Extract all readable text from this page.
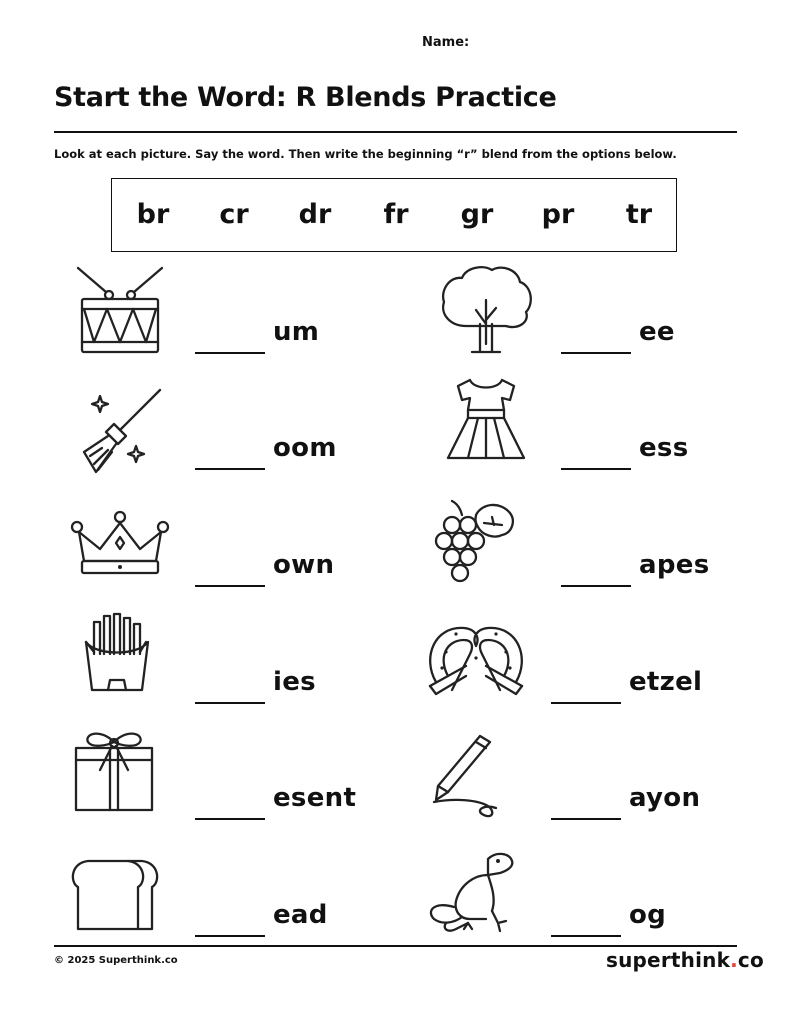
Name:
Start the Word: R Blends Practice
Look at each picture. Say the word. Then write the beginning “r” blend from the options below.
br	cr	dr	fr	gr	pr	tr
um	ee
oom	ess
own	apes
ies	etzel
esent	ayon
ead	og
© 2025 Superthink.co	superthink.co
